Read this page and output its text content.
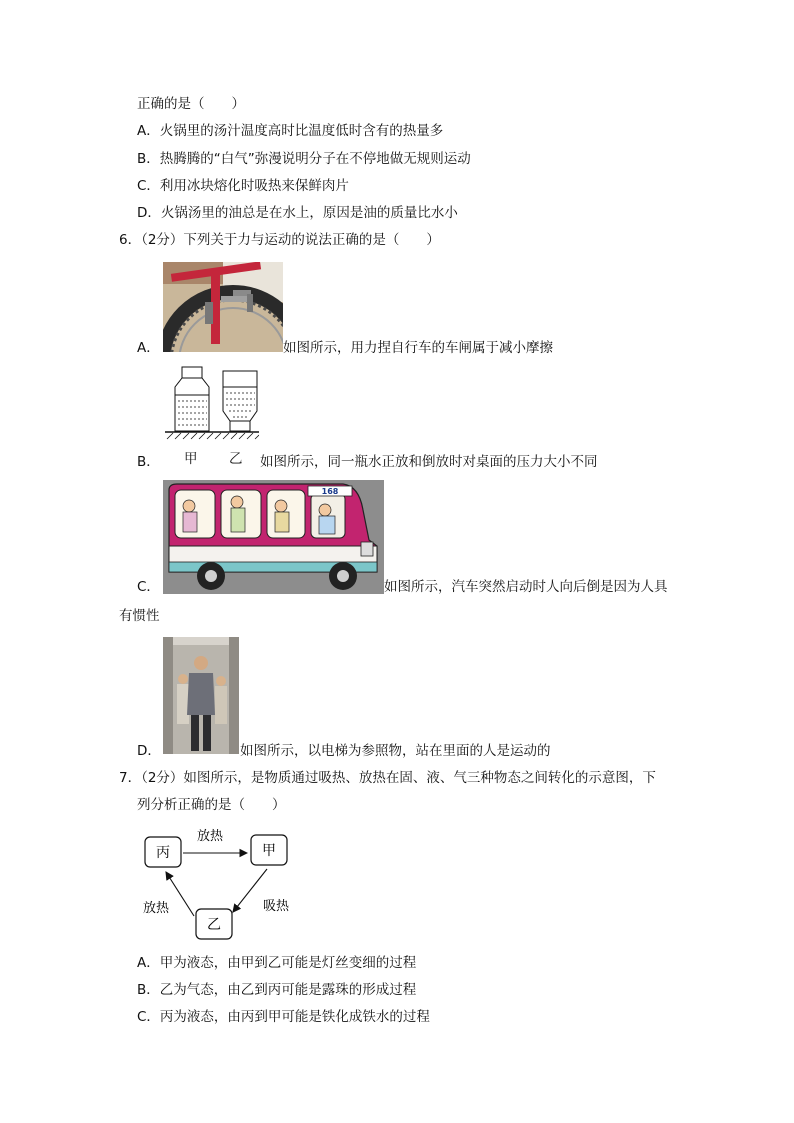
正确的是（　　）
A．火锅里的汤汁温度高时比温度低时含有的热量多
B．热腾腾的“白气”弥漫说明分子在不停地做无规则运动
C．利用冰块熔化时吸热来保鲜肉片
D．火锅汤里的油总是在水上，原因是油的质量比水小
6．（2分）下列关于力与运动的说法正确的是（　　）
A．	如图所示，用力捏自行车的车闸属于减小摩擦
B． 甲 乙 如图所示，同一瓶水正放和倒放时对桌面的压力大小不同
C．
168
如图所示，汽车突然启动时人向后倒是因为人具
有惯性
D．	如图所示，以电梯为参照物，站在里面的人是运动的
7．（2分）如图所示，是物质通过吸热、放热在固、液、气三种物态之间转化的示意图，下
列分析正确的是（　　）
丙	甲
乙
放热
吸热
放热
A．甲为液态，由甲到乙可能是灯丝变细的过程
B．乙为气态，由乙到丙可能是露珠的形成过程
C．丙为液态，由丙到甲可能是铁化成铁水的过程
